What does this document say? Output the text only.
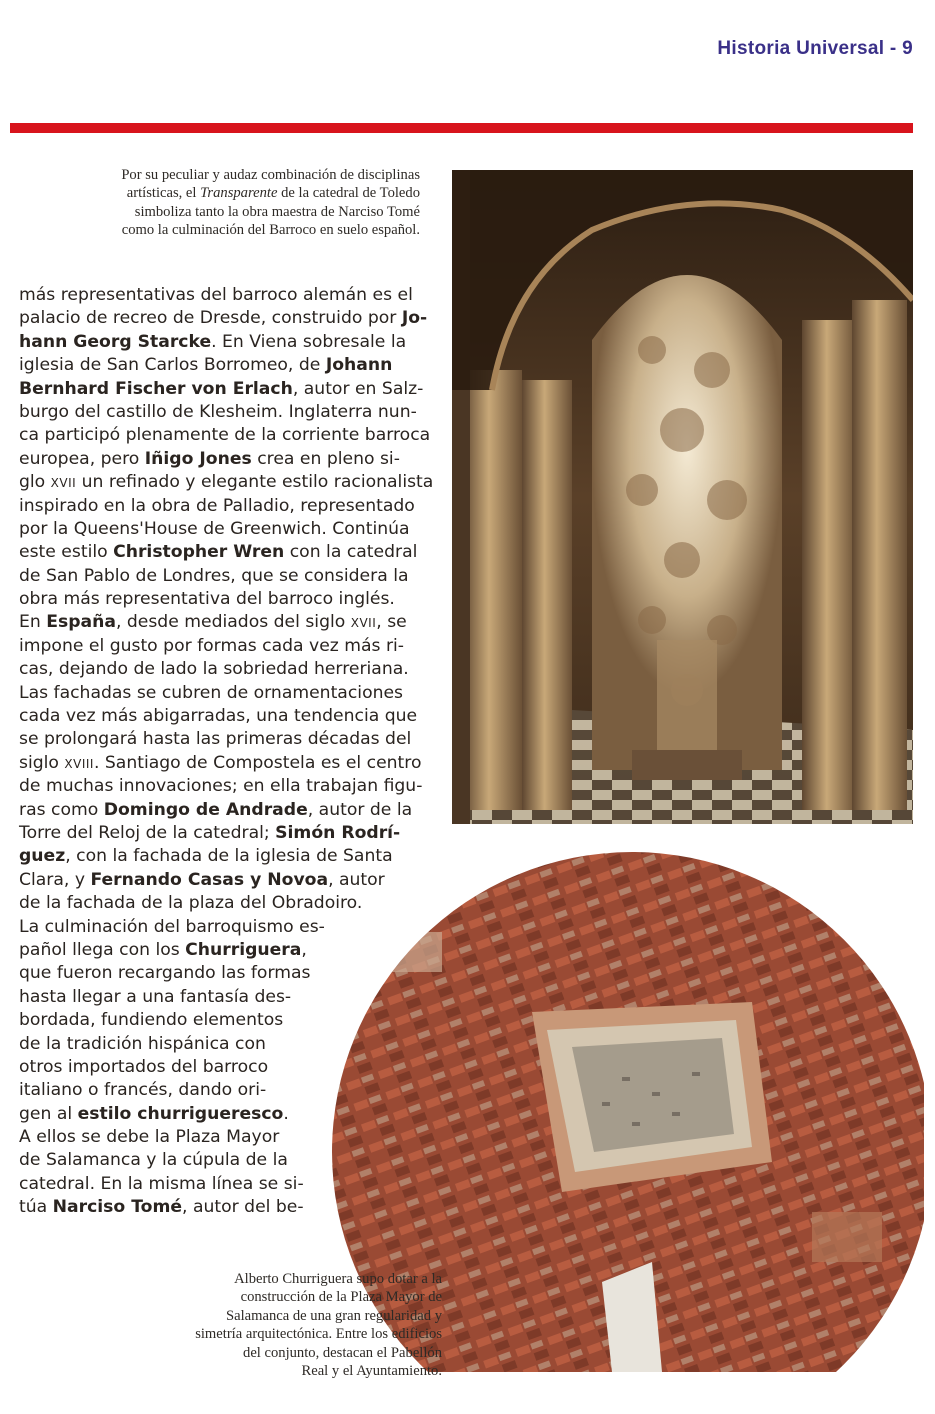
Historia Universal - 9
Por su peculiar y audaz combinación de disciplinas
artísticas, el Transparente de la catedral de Toledo
simboliza tanto la obra maestra de Narciso Tomé
como la culminación del Barroco en suelo español.
más representativas del barroco alemán es el
palacio de recreo de Dresde, construido por Jo-
hann Georg Starcke. En Viena sobresale la
iglesia de San Carlos Borromeo, de Johann
Bernhard Fischer von Erlach, autor en Salz-
burgo del castillo de Klesheim. Inglaterra nun-
ca participó plenamente de la corriente barroca
europea, pero Iñigo Jones crea en pleno si-
glo XVII un refinado y elegante estilo racionalista
inspirado en la obra de Palladio, representado
por la Queens'House de Greenwich. Continúa
este estilo Christopher Wren con la catedral
de San Pablo de Londres, que se considera la
obra más representativa del barroco inglés.
En España, desde mediados del siglo XVII, se
impone el gusto por formas cada vez más ri-
cas, dejando de lado la sobriedad herreriana.
Las fachadas se cubren de ornamentaciones
cada vez más abigarradas, una tendencia que
se prolongará hasta las primeras décadas del
siglo XVIII. Santiago de Compostela es el centro
de muchas innovaciones; en ella trabajan figu-
ras como Domingo de Andrade, autor de la
Torre del Reloj de la catedral; Simón Rodrí-
guez, con la fachada de la iglesia de Santa
Clara, y Fernando Casas y Novoa, autor
de la fachada de la plaza del Obradoiro.
La culminación del barroquismo es-
pañol llega con los Churriguera,
que fueron recargando las formas
hasta llegar a una fantasía des-
bordada, fundiendo elementos
de la tradición hispánica con
otros importados del barroco
italiano o francés, dando ori-
gen al estilo churrigueresco.
A ellos se debe la Plaza Mayor
de Salamanca y la cúpula de la
catedral. En la misma línea se si-
túa Narciso Tomé, autor del be-
Alberto Churriguera supo dotar a la
construcción de la Plaza Mayor de
Salamanca de una gran regularidad y
simetría arquitectónica. Entre los edificios
del conjunto, destacan el Pabellón
Real y el Ayuntamiento.
